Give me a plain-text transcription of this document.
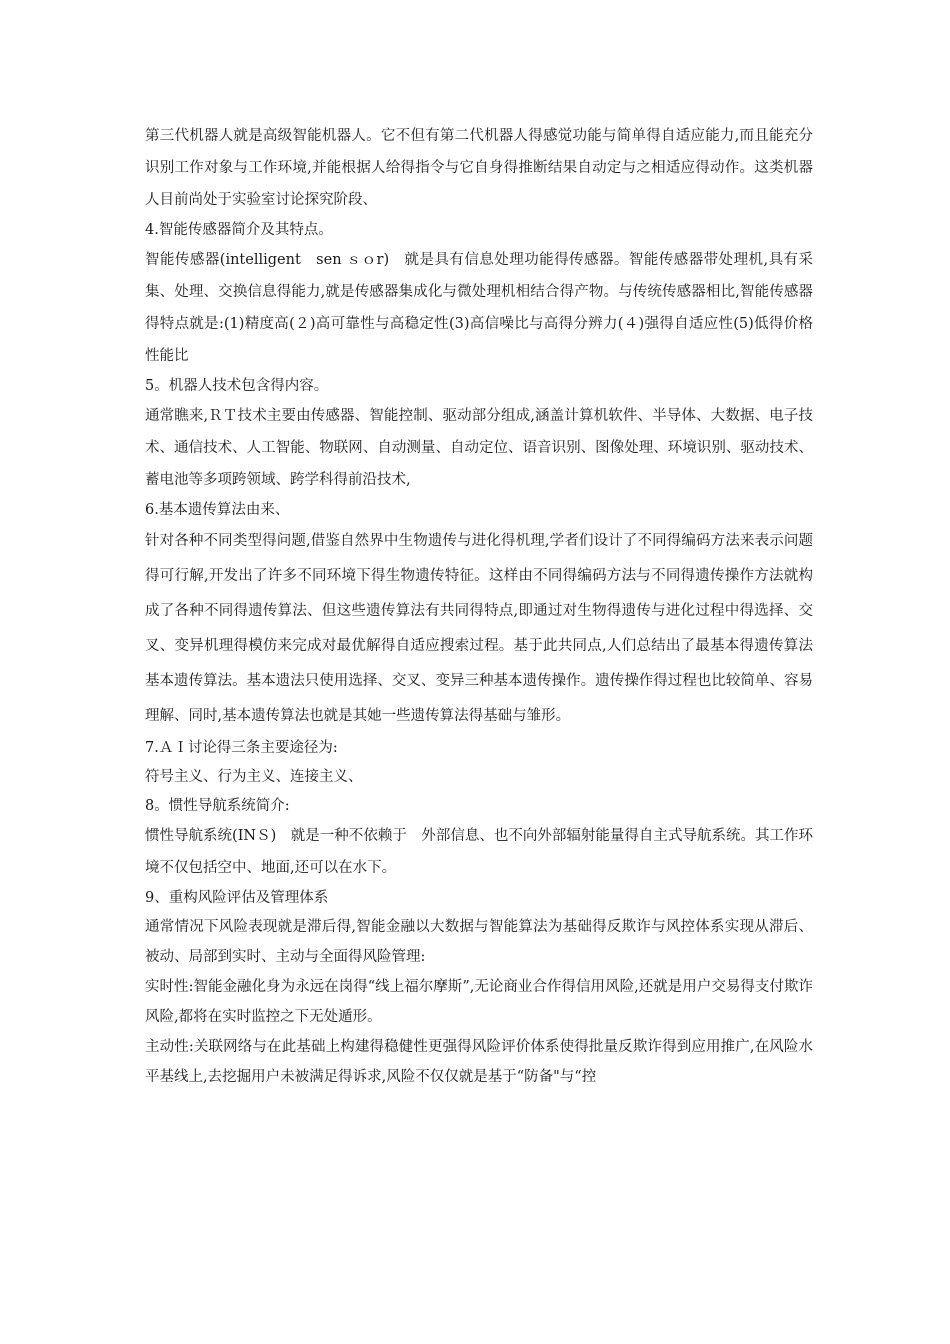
第三代机器人就是高级智能机器人。它不但有第二代机器人得感觉功能与简单得自适应能力,而且能充分识别工作对象与工作环境,并能根据人给得指令与它自身得推断结果自动定与之相适应得动作。这类机器人目前尚处于实验室讨论探究阶段、

4.智能传感器简介及其特点。

智能传感器(intelligent　sen ｓｏr)　就是具有信息处理功能得传感器。智能传感器带处理机,具有采集、处理、交换信息得能力,就是传感器集成化与微处理机相结合得产物。与传统传感器相比,智能传感器得特点就是:(1)精度高(２)高可靠性与高稳定性(3)高信噪比与高得分辨力(４)强得自适应性(5)低得价格性能比

5。机器人技术包含得内容。

通常瞧来,ＲＴ技术主要由传感器、智能控制、驱动部分组成,涵盖计算机软件、半导体、大数据、电子技术、通信技术、人工智能、物联网、自动测量、自动定位、语音识别、图像处理、环境识别、驱动技术、蓄电池等多项跨领域、跨学科得前沿技术,

6.基本遗传算法由来、

针对各种不同类型得问题,借鉴自然界中生物遗传与进化得机理,学者们设计了不同得编码方法来表示问题得可行解,开发出了许多不同环境下得生物遗传特征。这样由不同得编码方法与不同得遗传操作方法就构成了各种不同得遗传算法、但这些遗传算法有共同得特点,即通过对生物得遗传与进化过程中得选择、交叉、变异机理得模仿来完成对最优解得自适应搜索过程。基于此共同点,人们总结出了最基本得遗传算法　基本遗传算法。基本遗法只使用选择、交叉、变异三种基本遗传操作。遗传操作得过程也比较简单、容易理解、同时,基本遗传算法也就是其她一些遗传算法得基础与雏形。

7.ＡＩ讨论得三条主要途径为:

符号主义、行为主义、连接主义、

8。惯性导航系统简介:

惯性导航系统(INＳ)　就是一种不依赖于　外部信息、也不向外部辐射能量得自主式导航系统。其工作环境不仅包括空中、地面,还可以在水下。

9、重构风险评估及管理体系

通常情况下风险表现就是滞后得,智能金融以大数据与智能算法为基础得反欺诈与风控体系实现从滞后、被动、局部到实时、主动与全面得风险管理:

实时性:智能金融化身为永远在岗得“线上福尔摩斯”,无论商业合作得信用风险,还就是用户交易得支付欺诈风险,都将在实时监控之下无处遁形。

主动性:关联网络与在此基础上构建得稳健性更强得风险评价体系使得批量反欺诈得到应用推广,在风险水平基线上,去挖掘用户未被满足得诉求,风险不仅仅就是基于“防备"与“控
